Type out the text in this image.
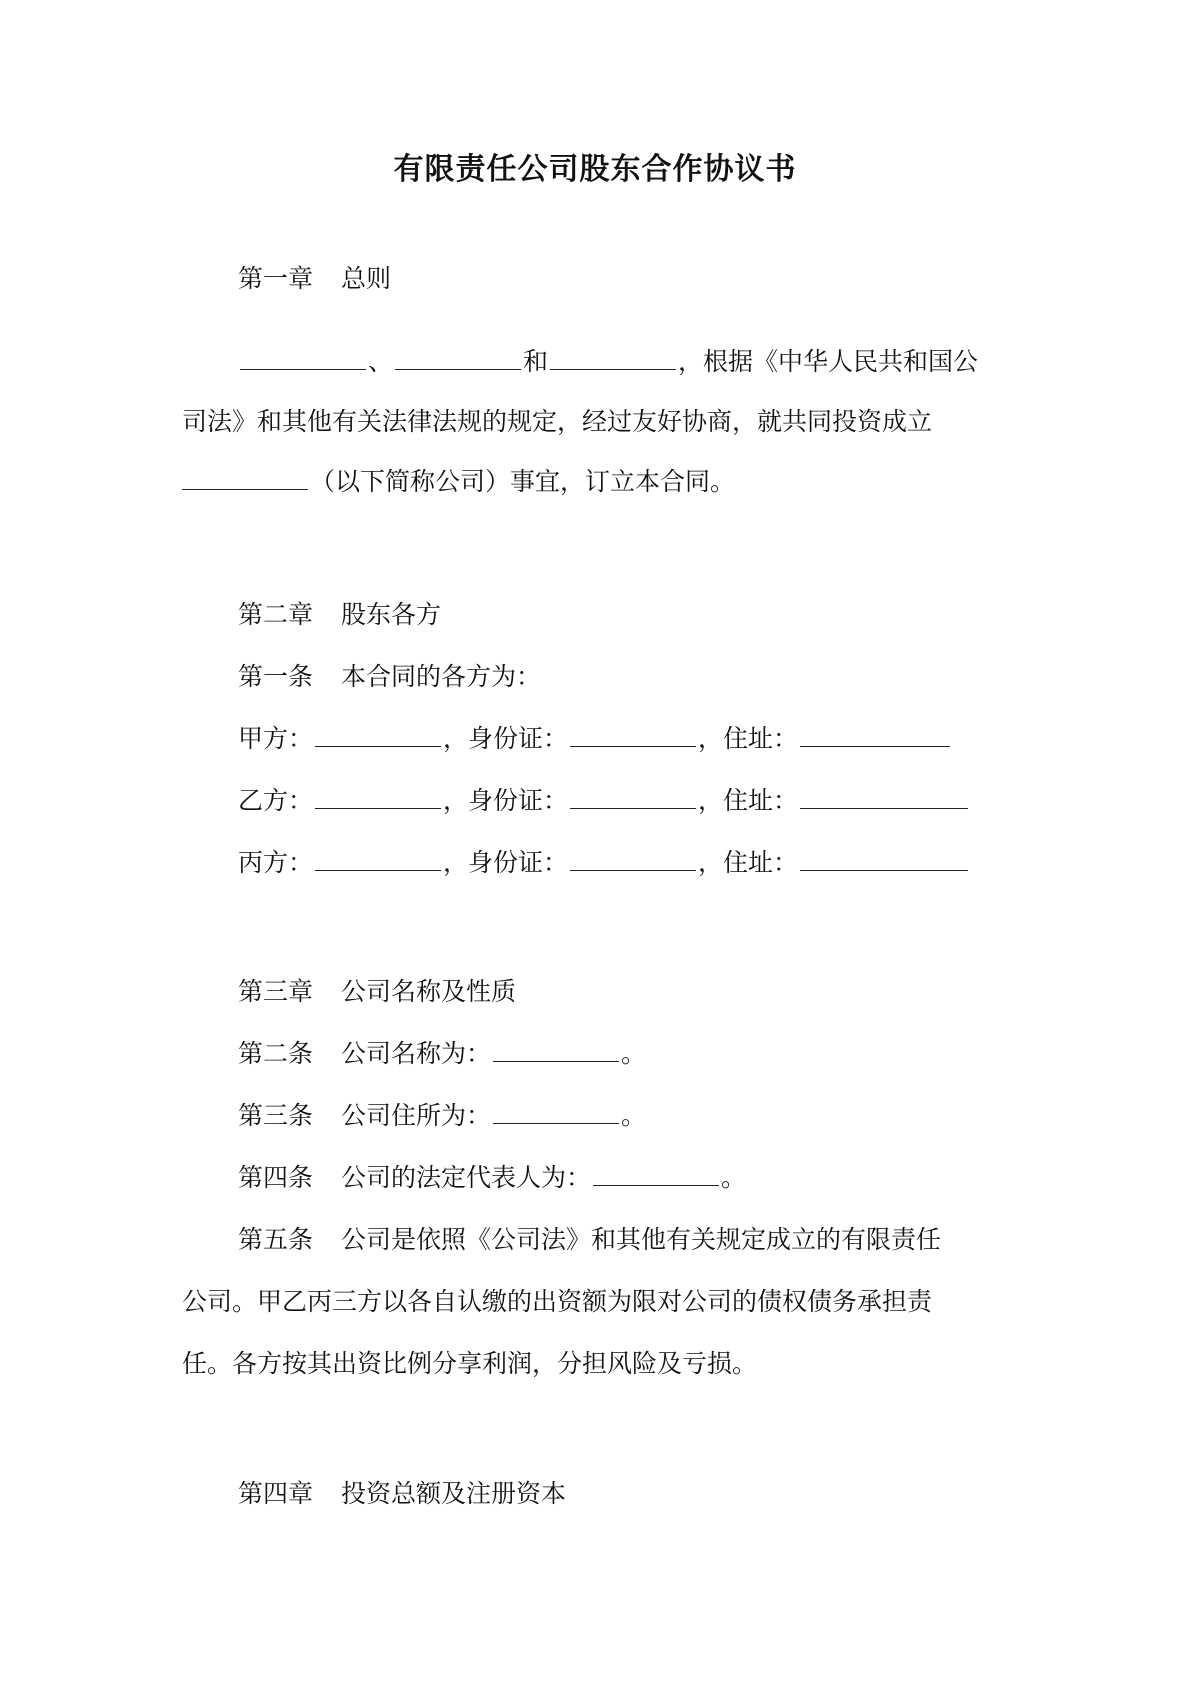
有限责任公司股东合作协议书
第一章 总则
、	和	，根据《中华人民共和国公
司法》和其他有关法律法规的规定，经过友好协商，就共同投资成立
（以下简称公司）事宜，订立本合同。
第二章 股东各方
第一条 本合同的各方为：
甲方：	，身份证：	，住址：
乙方：	，身份证：	，住址：
丙方：	，身份证：	，住址：
第三章 公司名称及性质
第二条 公司名称为：	。
第三条 公司住所为：	。
第四条 公司的法定代表人为：	。
第五条 公司是依照《公司法》和其他有关规定成立的有限责任
公司。甲乙丙三方以各自认缴的出资额为限对公司的债权债务承担责
任。各方按其出资比例分享利润，分担风险及亏损。
第四章 投资总额及注册资本
